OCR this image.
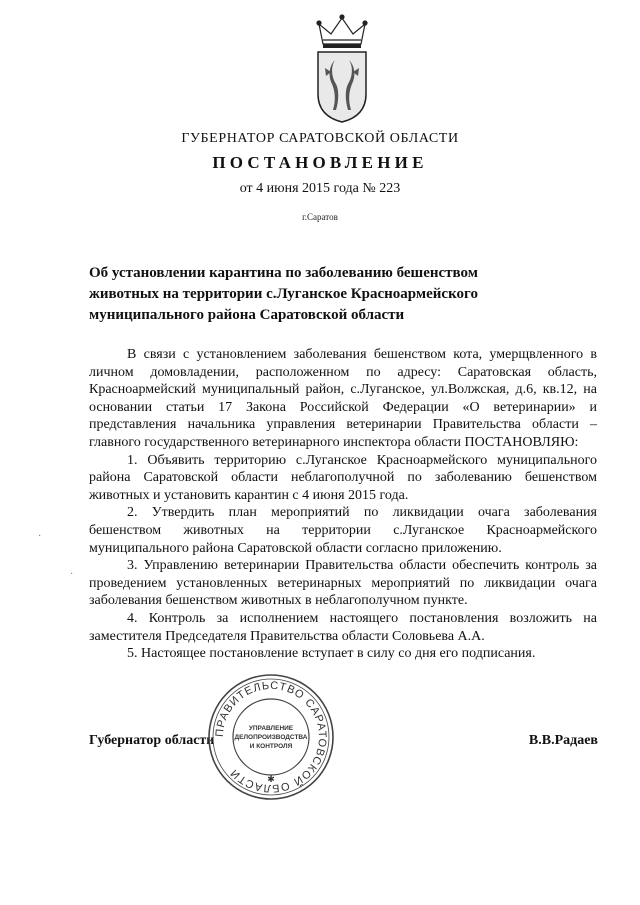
ГУБЕРНАТОР САРАТОВСКОЙ ОБЛАСТИ
ПОСТАНОВЛЕНИЕ
от 4 июня 2015 года № 223
г.Саратов
Об установлении карантина по заболеванию бешенством
животных на территории с.Луганское Красноармейского
муниципального района Саратовской области

В связи с установлением заболевания бешенством кота, умерщвленного в личном домовладении, расположенном по адресу: Саратовская область, Красноармейский муниципальный район, с.Луганское, ул.Волжская, д.6, кв.12, на основании статьи 17 Закона Российской Федерации «О ветеринарии» и представления начальника управления ветеринарии Правительства области – главного государственного ветеринарного инспектора области ПОСТАНОВЛЯЮ:

1. Объявить территорию с.Луганское Красноармейского муниципального района Саратовской области неблагополучной по заболеванию бешенством животных и установить карантин с 4 июня 2015 года.

2. Утвердить план мероприятий по ликвидации очага заболевания бешенством животных на территории с.Луганское Красноармейского муниципального района Саратовской области согласно приложению.

3. Управлению ветеринарии Правительства области обеспечить контроль за проведением установленных ветеринарных мероприятий по ликвидации очага заболевания бешенством животных в неблагополучном пункте.

4. Контроль за исполнением настоящего постановления возложить на заместителя Председателя Правительства области Соловьева А.А.

5. Настоящее постановление вступает в силу со дня его подписания.

Губернатор области	В.В.Радаев
ПРАВИТЕЛЬСТВО САРАТОВСКОЙ ОБЛАСТИ
УПРАВЛЕНИЕ
ДЕЛОПРОИЗВОДСТВА
И КОНТРОЛЯ
✱
·
·
